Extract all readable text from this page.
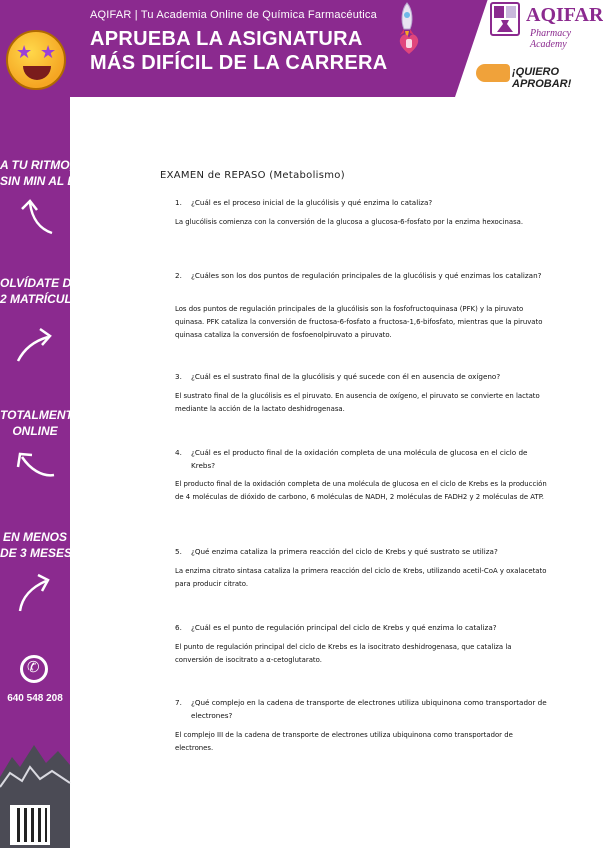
★ ★
AQIFAR | Tu Academia Online de Química Farmacéutica
APRUEBA LA ASIGNATURA
MÁS DIFÍCIL DE LA CARRERA
AQIFAR
Pharmacy Academy
¡QUIERO APROBAR!
A TU RITMO,
SIN MIN AL DÍA
OLVÍDATE DE
2 MATRÍCULAS
TOTALMENTE
ONLINE
EN MENOS
DE 3 MESES
✆
640 548 208
EXAMEN de REPASO (Metabolismo)
1.	¿Cuál es el proceso inicial de la glucólisis y qué enzima lo cataliza?
La glucólisis comienza con la conversión de la glucosa a glucosa-6-fosfato por la enzima hexocinasa.
2.	¿Cuáles son los dos puntos de regulación principales de la glucólisis y qué enzimas los catalizan?
Los dos puntos de regulación principales de la glucólisis son la fosfofructoquinasa (PFK) y la piruvato quinasa. PFK cataliza la conversión de fructosa-6-fosfato a fructosa-1,6-bifosfato, mientras que la piruvato quinasa cataliza la conversión de fosfoenolpiruvato a piruvato.
3.	¿Cuál es el sustrato final de la glucólisis y qué sucede con él en ausencia de oxígeno?
El sustrato final de la glucólisis es el piruvato. En ausencia de oxígeno, el piruvato se convierte en lactato mediante la acción de la lactato deshidrogenasa.
4.	¿Cuál es el producto final de la oxidación completa de una molécula de glucosa en el ciclo de Krebs?
El producto final de la oxidación completa de una molécula de glucosa en el ciclo de Krebs es la producción de 4 moléculas de dióxido de carbono, 6 moléculas de NADH, 2 moléculas de FADH2 y 2 moléculas de ATP.
5.	¿Qué enzima cataliza la primera reacción del ciclo de Krebs y qué sustrato se utiliza?
La enzima citrato sintasa cataliza la primera reacción del ciclo de Krebs, utilizando acetil-CoA y oxalacetato para producir citrato.
6.	¿Cuál es el punto de regulación principal del ciclo de Krebs y qué enzima lo cataliza?
El punto de regulación principal del ciclo de Krebs es la isocitrato deshidrogenasa, que cataliza la conversión de isocitrato a α-cetoglutarato.
7.	¿Qué complejo en la cadena de transporte de electrones utiliza ubiquinona como transportador de electrones?
El complejo III de la cadena de transporte de electrones utiliza ubiquinona como transportador de electrones.
